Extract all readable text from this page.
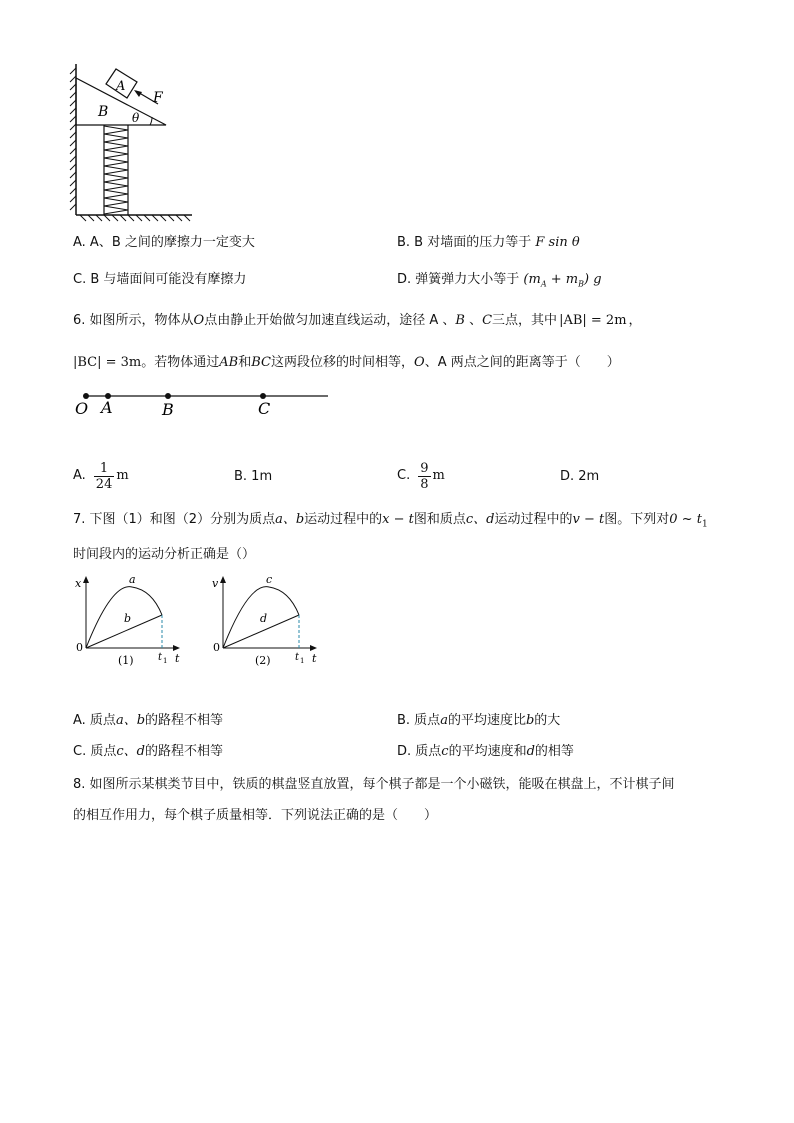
A
B
F
θ
A. A、B 之间的摩擦力一定变大	B. B 对墙面的压力等于 F sin θ
C. B 与墙面间可能没有摩擦力	D. 弹簧弹力大小等于 $(m_A + m_B)$ g
6. 如图所示，物体从O点由静止开始做匀加速直线运动，途径 A 、B 、C三点，其中 |AB| = 2m ，
|BC| = 3m。若物体通过AB和BC这两段位移的时间相等，O、A 两点之间的距离等于（　　）
O A	B	C
A. $\frac{1}{24}$ m	B. 1m	C. $\frac{9}{8}$ m	D. 2m
7. 下图（1）和图（2）分别为质点a、b运动过程中的x − t图和质点c、d运动过程中的v − t图。下列对0 ~ $t_1$
时间段内的运动分析正确是（）
x
t
0
a
b
t 1
(1)
v
t
0
c
d
t 1
(2)
A. 质点a、b的路程不相等	B. 质点a的平均速度比b的大
C. 质点c、d的路程不相等	D. 质点c的平均速度和d的相等
8. 如图所示某棋类节目中，铁质的棋盘竖直放置，每个棋子都是一个小磁铁，能吸在棋盘上，不计棋子间
的相互作用力，每个棋子质量相等．下列说法正确的是（　　）
